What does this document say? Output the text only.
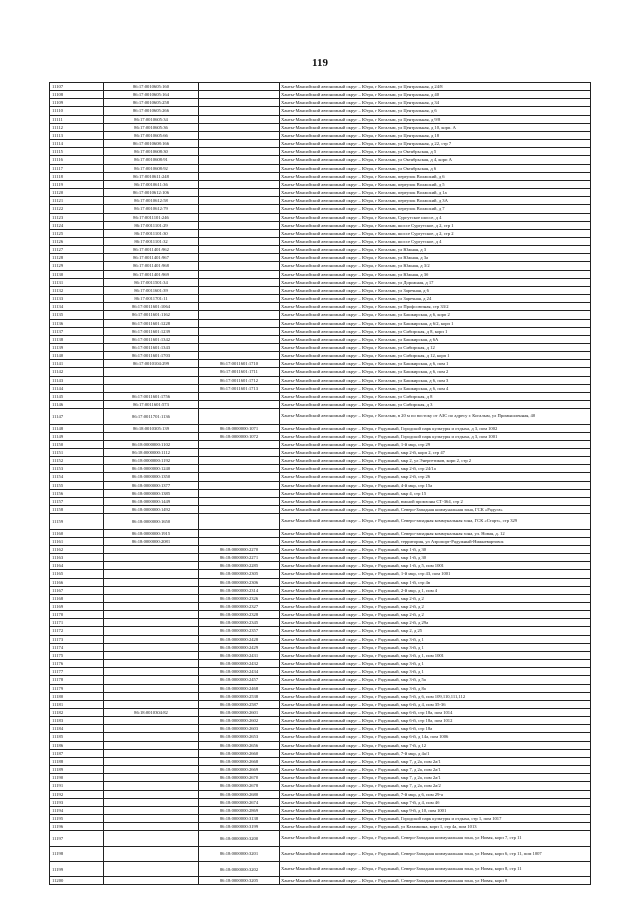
119
11107	86:17:0010605:160		Ханты-Мансийский автономный округ – Югра, г Когалым, ул Центральная, д 24/8
11108	86:17:0010605:164		Ханты-Мансийский автономный округ – Югра, г Когалым, ул Центральная, д 40
11109	86:17:0010605:258		Ханты-Мансийский автономный округ – Югра, г Когалым, ул Центральная, д 34
11110	86:17:0010605:266		Ханты-Мансийский автономный округ – Югра, г Когалым, ул Центральная, д 6
11111	86:17:0010605:34		Ханты-Мансийский автономный округ – Югра, г Когалым, ул Центральная, д 9/8
11112	86:17:0010605:36		Ханты-Мансийский автономный округ – Югра, г Когалым, ул Центральная, д 10, корп. А
11113	86:17:0010605:66		Ханты-Мансийский автономный округ – Югра, г Когалым, ул Центральная, д 18
11114	86:17:0010608:166		Ханты-Мансийский автономный округ – Югра, г Когалым, ул Центральная, д 22, стр 7
11115	86:17:0010608:30		Ханты-Мансийский автономный округ – Югра, г Когалым, ул Октябрьская, д 5
11116	86:17:0010608:91		Ханты-Мансийский автономный округ – Югра, г Когалым, ул Октябрьская, д 4, корп А
11117	86:17:0010608:92		Ханты-Мансийский автономный округ – Югра, г Когалым, ул Октябрьская, д 6
11118	86:17:0010611:248		Ханты-Мансийский автономный округ – Югра, г Когалым, переулок Волжский, д 6
11119	86:17:0010611:36		Ханты-Мансийский автономный округ – Югра, г Когалым, переулок Волжский, д 5
11120	86:17:0010612:106		Ханты-Мансийский автономный округ – Югра, г Когалым, переулок Волжский, д 1а
11121	86:17:0010612:58		Ханты-Мансийский автономный округ – Югра, г Когалым, переулок Волжский, д 3А
11122	86:17:0010612:79		Ханты-Мансийский автономный округ – Югра, г Когалым, переулок Волжский, д 7
11123	86:17:0011101:246		Ханты-Мансийский автономный округ – Югра, г Когалым, Сургутское шоссе, д 4
11124	86:17:0011101:29		Ханты-Мансийский автономный округ – Югра, г Когалым, шоссе Сургутское, д 2, стр 1
11125	86:17:0011101:30		Ханты-Мансийский автономный округ – Югра, г Когалым, шоссе Сургутское, д 2, стр 2
11126	86:17:0011101:32		Ханты-Мансийский автономный округ – Югра, г Когалым, шоссе Сургутское, д 4
11127	86:17:0011401:962		Ханты-Мансийский автономный округ – Югра, г Когалым, ул Южная, д 3
11128	86:17:0011401:967		Ханты-Мансийский автономный округ – Югра, г Когалым, ул Южная, д 3а
11129	86:17:0011401:968		Ханты-Мансийский автономный округ – Югра, г Когалым, ул Южная, д 3/2
11130	86:17:0011401:969		Ханты-Мансийский автономный округ – Югра, г Когалым, ул Южная, д 3б
11131	86:17:0011501:34		Ханты-Мансийский автономный округ – Югра, г Когалым, ул Дорожная, д 17
11132	86:17:0011601:39		Ханты-Мансийский автономный округ – Югра, г Когалым, ул Заречная, д 6
11133	86:17:0011701:11		Ханты-Мансийский автономный округ – Югра, г Когалым, ул Заречная, д 24
11134	86:17:0011601:1064		Ханты-Мансийский автономный округ – Югра, г Когалым, ул Профсоюзная, стр 33/2
11135	86:17:0011601:1162		Ханты-Мансийский автономный округ – Югра, г Когалым, ул Башкирская, д 6, корп 2
11136	86:17:0011601:1228		Ханты-Мансийский автономный округ – Югра, г Когалым, ул Башкирская, д 6/2, корп 1
11137	86:17:0011601:1239		Ханты-Мансийский автономный округ – Югра, г Когалым, ул Сибирская, д 8, корп 1
11138	86:17:0011601:1342		Ханты-Мансийский автономный округ – Югра, г Когалым, ул Башкирская, д 6А
11139	86:17:0011601:1343		Ханты-Мансийский автономный округ – Югра, г Когалым, ул Сибирская, д 12
11140	86:17:0011601:1703		Ханты-Мансийский автономный округ – Югра, г Когалым, ул Сибирская, д 12, корп 1
11141	86:17:0010104:299	86:17:0011601:1710	Ханты-Мансийский автономный округ – Югра, г Когалым, ул Башкирская, д 6, пом 1
11142		86:17:0011601:1711	Ханты-Мансийский автономный округ – Югра, г Когалым, ул Башкирская, д 6, пом 2
11143		86:17:0011601:1712	Ханты-Мансийский автономный округ – Югра, г Когалым, ул Башкирская, д 6, пом 3
11144		86:17:0011601:1713	Ханты-Мансийский автономный округ – Югра, г Когалым, ул Башкирская, д 6, пом 4
11145	86:17:0011601:1756		Ханты-Мансийский автономный округ – Югра, г Когалым, ул Сибирская, д 8
11146	86:17:0011601:573		Ханты-Мансийский автономный округ – Югра, г Когалым, ул Сибирская, д 3
11147	86:17:0011701:1136		Ханты-Мансийский автономный округ – Югра, г Когалым, в 20 м по востоку от АЗС по адресу г. Когалым, ул Промышленная, 40
11148	86:18:0010305:139	86:18:0000000:1071	Ханты-Мансийский автономный округ – Югра, г Радужный, Городской парк культуры и отдыха, д 3, пом 1002
11149		86:18:0000000:1072	Ханты-Мансийский автономный округ – Югра, г Радужный, Городской парк культуры и отдыха, д 3, пом 1001
11150	86:18:0000000:1102		Ханты-Мансийский автономный округ – Югра, г Радужный, 1-й мкр, стр 29
11151	86:18:0000000:1112		Ханты-Мансийский автономный округ – Югра, г Радужный, мкр 2-й, корп 2, стр 47
11152	86:18:0000000:1192		Ханты-Мансийский автономный округ – Югра, г Радужный, мкр 2, ул Энергетиков, корп 2, стр 2
11153	86:18:0000000:1240		Ханты-Мансийский автономный округ – Югра, г Радужный, мкр 2-й, стр 24/1а
11154	86:18:0000000:1350		Ханты-Мансийский автономный округ – Югра, г Радужный, мкр 2-й, стр 26
11155	86:18:0000000:1377		Ханты-Мансийский автономный округ – Югра, г Радужный, 4-й мкр, стр 15а
11156	86:18:0000000:1385		Ханты-Мансийский автономный округ – Югра, г Радужный, мкр 4, стр 15
11157	86:18:0000000:1449		Ханты-Мансийский автономный округ – Югра, г Радужный, южной промзоны СТ-364, стр 2
11158	86:18:0000000:1492		Ханты-Мансийский автономный округ – Югра, г Радужный, Северо-Западная коммунальная зона, ГСК «Радуга»
11159	86:18:0000000:1650		Ханты-Мансийский автономный округ – Югра, г Радужный, Северо-западная коммунальная зона, ГСК «Старт», стр 329
11160	86:18:0000000:1915		Ханты-Мансийский автономный округ – Югра, г Радужный, Северо-западная коммунальная зона, ул. Новая, д. 12
11161	86:18:0000000:2081		Ханты-Мансийский автономный округ – Югра, г Радужный, территория, ул Аэропорт-Радужный-Нижневартовск
11162		86:18:0000000:2270	Ханты-Мансийский автономный округ – Югра, г Радужный, мкр 1-й, д 30
11163		86:18:0000000:2271	Ханты-Мансийский автономный округ – Югра, г Радужный, мкр 1-й, д 30
11164		86:18:0000000:2285	Ханты-Мансийский автономный округ – Югра, г Радужный, мкр 1-й, д 5, пом 1001
11165		86:18:0000000:2305	Ханты-Мансийский автономный округ – Югра, г Радужный, 1-й мкр, стр 43, пом 1001
11166		86:18:0000000:2306	Ханты-Мансийский автономный округ – Югра, г Радужный, мкр 1-й, стр 4в
11167		86:18:0000000:2314	Ханты-Мансийский автономный округ – Югра, г Радужный, 2-й мкр, д 1, пом 4
11168		86:18:0000000:2326	Ханты-Мансийский автономный округ – Югра, г Радужный, мкр 2-й, д 2
11169		86:18:0000000:2327	Ханты-Мансийский автономный округ – Югра, г Радужный, мкр 2-й, д 2
11170		86:18:0000000:2328	Ханты-Мансийский автономный округ – Югра, г Радужный, мкр 2-й, д 2
11171		86:18:0000000:2345	Ханты-Мансийский автономный округ – Югра, г Радужный, мкр 2-й, д 29а
11172		86:18:0000000:2357	Ханты-Мансийский автономный округ – Югра, г Радужный, мкр 2, д 25
11173		86:18:0000000:2428	Ханты-Мансийский автономный округ – Югра, г Радужный, мкр 3-й, д 1
11174		86:18:0000000:2429	Ханты-Мансийский автономный округ – Югра, г Радужный, мкр 3-й, д 1
11175		86:18:0000000:2431	Ханты-Мансийский автономный округ – Югра, г Радужный, мкр 3-й, д 1, пом 1001
11176		86:18:0000000:2432	Ханты-Мансийский автономный округ – Югра, г Радужный, мкр 3-й, д 1
11177		86:18:0000000:2434	Ханты-Мансийский автономный округ – Югра, г Радужный, мкр 3-й, д 1
11178		86:18:0000000:2457	Ханты-Мансийский автономный округ – Югра, г Радужный, мкр 3-й, д 5а
11179		86:18:0000000:2468	Ханты-Мансийский автономный округ – Югра, г Радужный, мкр 3-й, д 8а
11180		86:18:0000000:2538	Ханты-Мансийский автономный округ – Югра, г Радужный, мкр 5-й, д 6, пом 109,110,111,112
11181		86:18:0000000:2587	Ханты-Мансийский автономный округ – Югра, г Радужный, мкр 6-й, д 4, пом 35-36
11182	86:18:0010304:82	86:18:0000000:2601	Ханты-Мансийский автономный округ – Югра, г Радужный, мкр 6-й, стр 18а, пом 1014
11183		86:18:0000000:2602	Ханты-Мансийский автономный округ – Югра, г Радужный, мкр 6-й, стр 18а, пом 1012
11184		86:18:0000000:2603	Ханты-Мансийский автономный округ – Югра, г Радужный, мкр 6-й, стр 18а
11185		86:18:0000000:2653	Ханты-Мансийский автономный округ – Югра, г Радужный, мкр 6-й, д 14а, пом 1006
11186		86:18:0000000:2656	Ханты-Мансийский автономный округ – Югра, г Радужный, мкр 7-й, д 12
11187		86:18:0000000:2660	Ханты-Мансийский автономный округ – Югра, г Радужный, 7-й мкр, д 4а/1
11188		86:18:0000000:2668	Ханты-Мансийский автономный округ – Югра, г Радужный, мкр 7, д 2а, пом 2а/1
11189		86:18:0000000:2669	Ханты-Мансийский автономный округ – Югра, г Радужный, мкр 7, д 2а, пом 2а/1
11190		86:18:0000000:2670	Ханты-Мансийский автономный округ – Югра, г Радужный, мкр 7, д 2а, пом 2а/1
11191		86:18:0000000:2678	Ханты-Мансийский автономный округ – Югра, г Радужный, мкр 7, д 2а, пом 2а/2
11192		86:18:0000000:2680	Ханты-Мансийский автономный округ – Югра, г Радужный, 7-й мкр, д 6, пом 29-а
11193		86:18:0000000:2674	Ханты-Мансийский автономный округ – Югра, г Радужный, мкр 7-й, д 4, пом 4б
11194		86:18:0000000:2869	Ханты-Мансийский автономный округ – Югра, г Радужный, мкр 9-й, д 10, пом 1001
11195		86:18:0000000:3138	Ханты-Мансийский автономный округ – Югра, г Радужный, Городской парк культуры и отдыха, стр 1, пом 1017
11196		86:18:0000000:3199	Ханты-Мансийский автономный округ – Югра, г Радужный, ул Казамкина, корп 1, стр 4а, пом 1013
11197		86:18:0000000:3200	Ханты-Мансийский автономный округ – Югра, г Радужный, Северо-Западная коммунальная зона, ул Новая, корп 7, стр 11
11198		86:18:0000000:3201	Ханты-Мансийский автономный округ – Югра, г Радужный, Северо-Западная коммунальная зона, ул Новая, корп 6, стр 11, пом 1007
11199		86:18:0000000:3202	Ханты-Мансийский автономный округ – Югра, г Радужный, Северо-Западная коммунальная зона, ул Новая, корп 8, стр 11
11200		86:18:0000000:3205	Ханты-Мансийский автономный округ – Югра, г Радужный, Северо-Западная коммунальная зона, ул Новая, корп 8
